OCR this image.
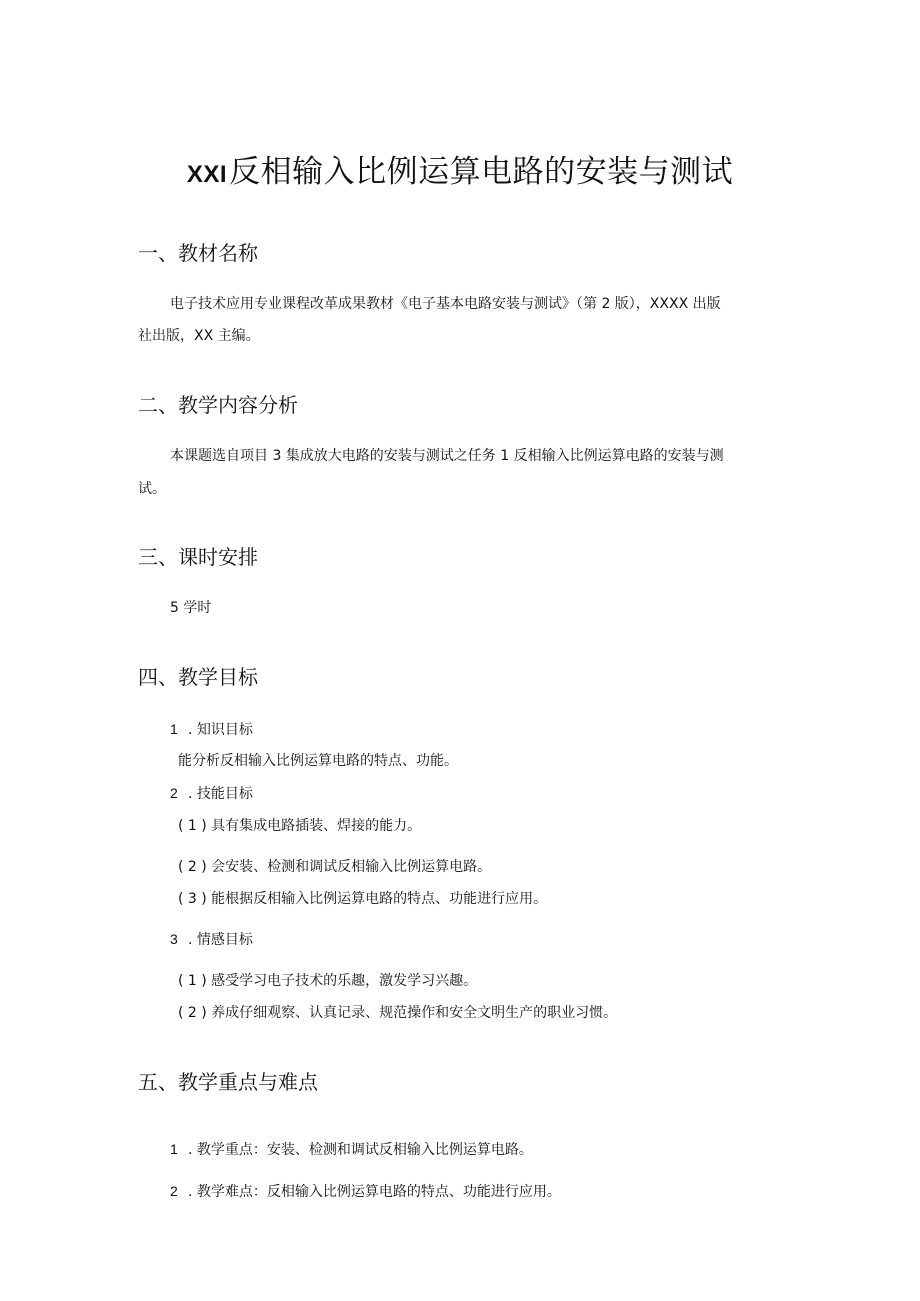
XXI反相输入比例运算电路的安装与测试
一、教材名称
电子技术应用专业课程改革成果教材《电子基本电路安装与测试》（第 2 版），XXXX 出版
社出版，XX 主编。
二、教学内容分析
本课题选自项目 3 集成放大电路的安装与测试之任务 1 反相输入比例运算电路的安装与测
试。
三、课时安排
5 学时
四、教学目标
1 . 知识目标
能分析反相输入比例运算电路的特点、功能。
2 . 技能目标
( 1 ) 具有集成电路插装、焊接的能力。
( 2 ) 会安装、检测和调试反相输入比例运算电路。
( 3 ) 能根据反相输入比例运算电路的特点、功能进行应用。
3 . 情感目标
( 1 ) 感受学习电子技术的乐趣，激发学习兴趣。
( 2 ) 养成仔细观察、认真记录、规范操作和安全文明生产的职业习惯。
五、教学重点与难点
1 . 教学重点：安装、检测和调试反相输入比例运算电路。
2 . 教学难点：反相输入比例运算电路的特点、功能进行应用。
